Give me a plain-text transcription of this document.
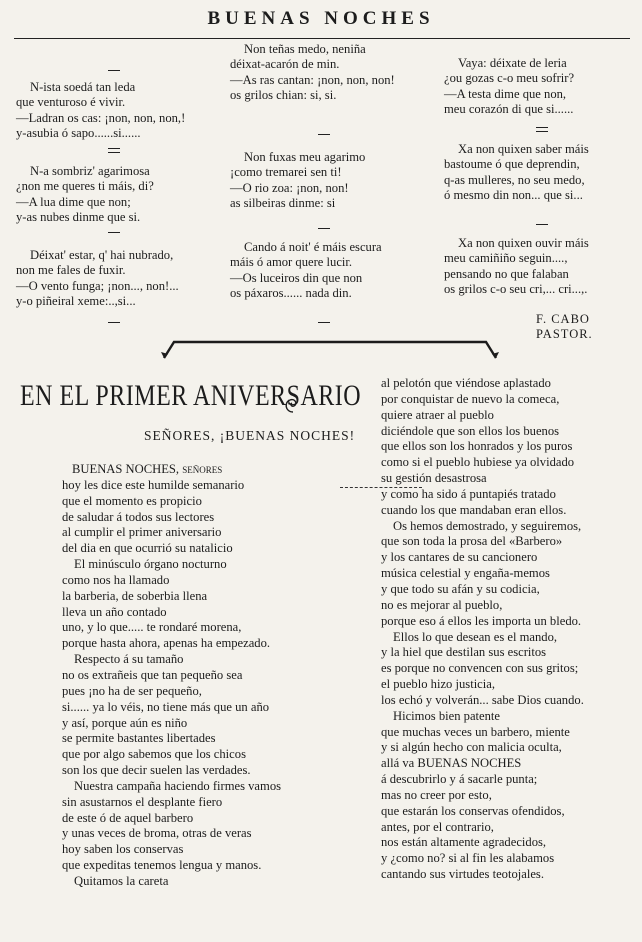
BUENAS NOCHES
N-ista soedá tan leda
que venturoso é vivir.
—Ladran os cas: ¡non, non, non,!
y-asubia ó sapo......si......
N-a sombriz' agarimosa
¿non me queres ti máis, di?
—A lua dime que non;
y-as nubes dinme que si.
Déixat' estar, q' hai nubrado,
non me fales de fuxir.
—O vento funga; ¡non..., non!...
y-o piñeiral xeme:..,si...
Non teñas medo, neniña
déixat-acarón de min.
—As ras cantan: ¡non, non, non!
os grilos chian: si, si.
Non fuxas meu agarimo
¡como tremarei sen ti!
—O rio zoa: ¡non, non!
as silbeiras dinme: si
Cando á noit' é máis escura
máis ó amor quere lucir.
—Os luceiros din que non
os páxaros...... nada din.
Vaya: déixate de leria
¿ou gozas c-o meu sofrir?
—A testa dime que non,
meu corazón di que si......
Xa non quixen saber máis
bastoume ó que deprendin,
q-as mulleres, no seu medo,
ó mesmo din non... que si...
Xa non quixen ouvir máis
meu camiñiño seguin....,
pensando no que falaban
os grilos c-o seu cri,... cri...,.
F. CABO PASTOR.
EN EL PRIMER ANIVERSARIO
SEÑORES, ¡BUENAS NOCHES!
BUENAS NOCHES, señores
hoy les dice este humilde semanario
que el momento es propicio
de saludar á todos sus lectores
al cumplir el primer aniversario
del dia en que ocurrió su natalicio
El minúsculo órgano nocturno
como nos ha llamado
la barberia, de soberbia llena
lleva un año contado
uno, y lo que..... te rondaré morena,
porque hasta ahora, apenas ha empezado.
Respecto á su tamaño
no os extrañeis que tan pequeño sea
pues ¡no ha de ser pequeño,
si...... ya lo véis, no tiene más que un año
y así, porque aún es niño
se permite bastantes libertades
que por algo sabemos que los chicos
son los que decir suelen las verdades.
Nuestra campaña haciendo firmes vamos
sin asustarnos el desplante fiero
de este ó de aquel barbero
y unas veces de broma, otras de veras
hoy saben los conservas
que expeditas tenemos lengua y manos.
Quitamos la careta
al pelotón que viéndose aplastado
por conquistar de nuevo la comeca,
quiere atraer al pueblo
diciéndole que son ellos los buenos
que ellos son los honrados y los puros
como si el pueblo hubiese ya olvidado
su gestión desastrosa
y como ha sido á puntapiés tratado
cuando los que mandaban eran ellos.
Os hemos demostrado, y seguiremos,
que son toda la prosa del «Barbero»
y los cantares de su cancionero
música celestial y engaña-memos
y que todo su afán y su codicia,
no es mejorar al pueblo,
porque eso á ellos les importa un bledo.
Ellos lo que desean es el mando,
y la hiel que destilan sus escritos
es porque no convencen con sus gritos;
el pueblo hizo justicia,
los echó y volverán... sabe Dios cuando.
Hicimos bien patente
que muchas veces un barbero, miente
y si algún hecho con malicia oculta,
allá va BUENAS NOCHES
á descubrirlo y á sacarle punta;
mas no creer por esto,
que estarán los conservas ofendidos,
antes, por el contrario,
nos están altamente agradecidos,
y ¿como no? si al fin les alabamos
cantando sus virtudes teotojales.
